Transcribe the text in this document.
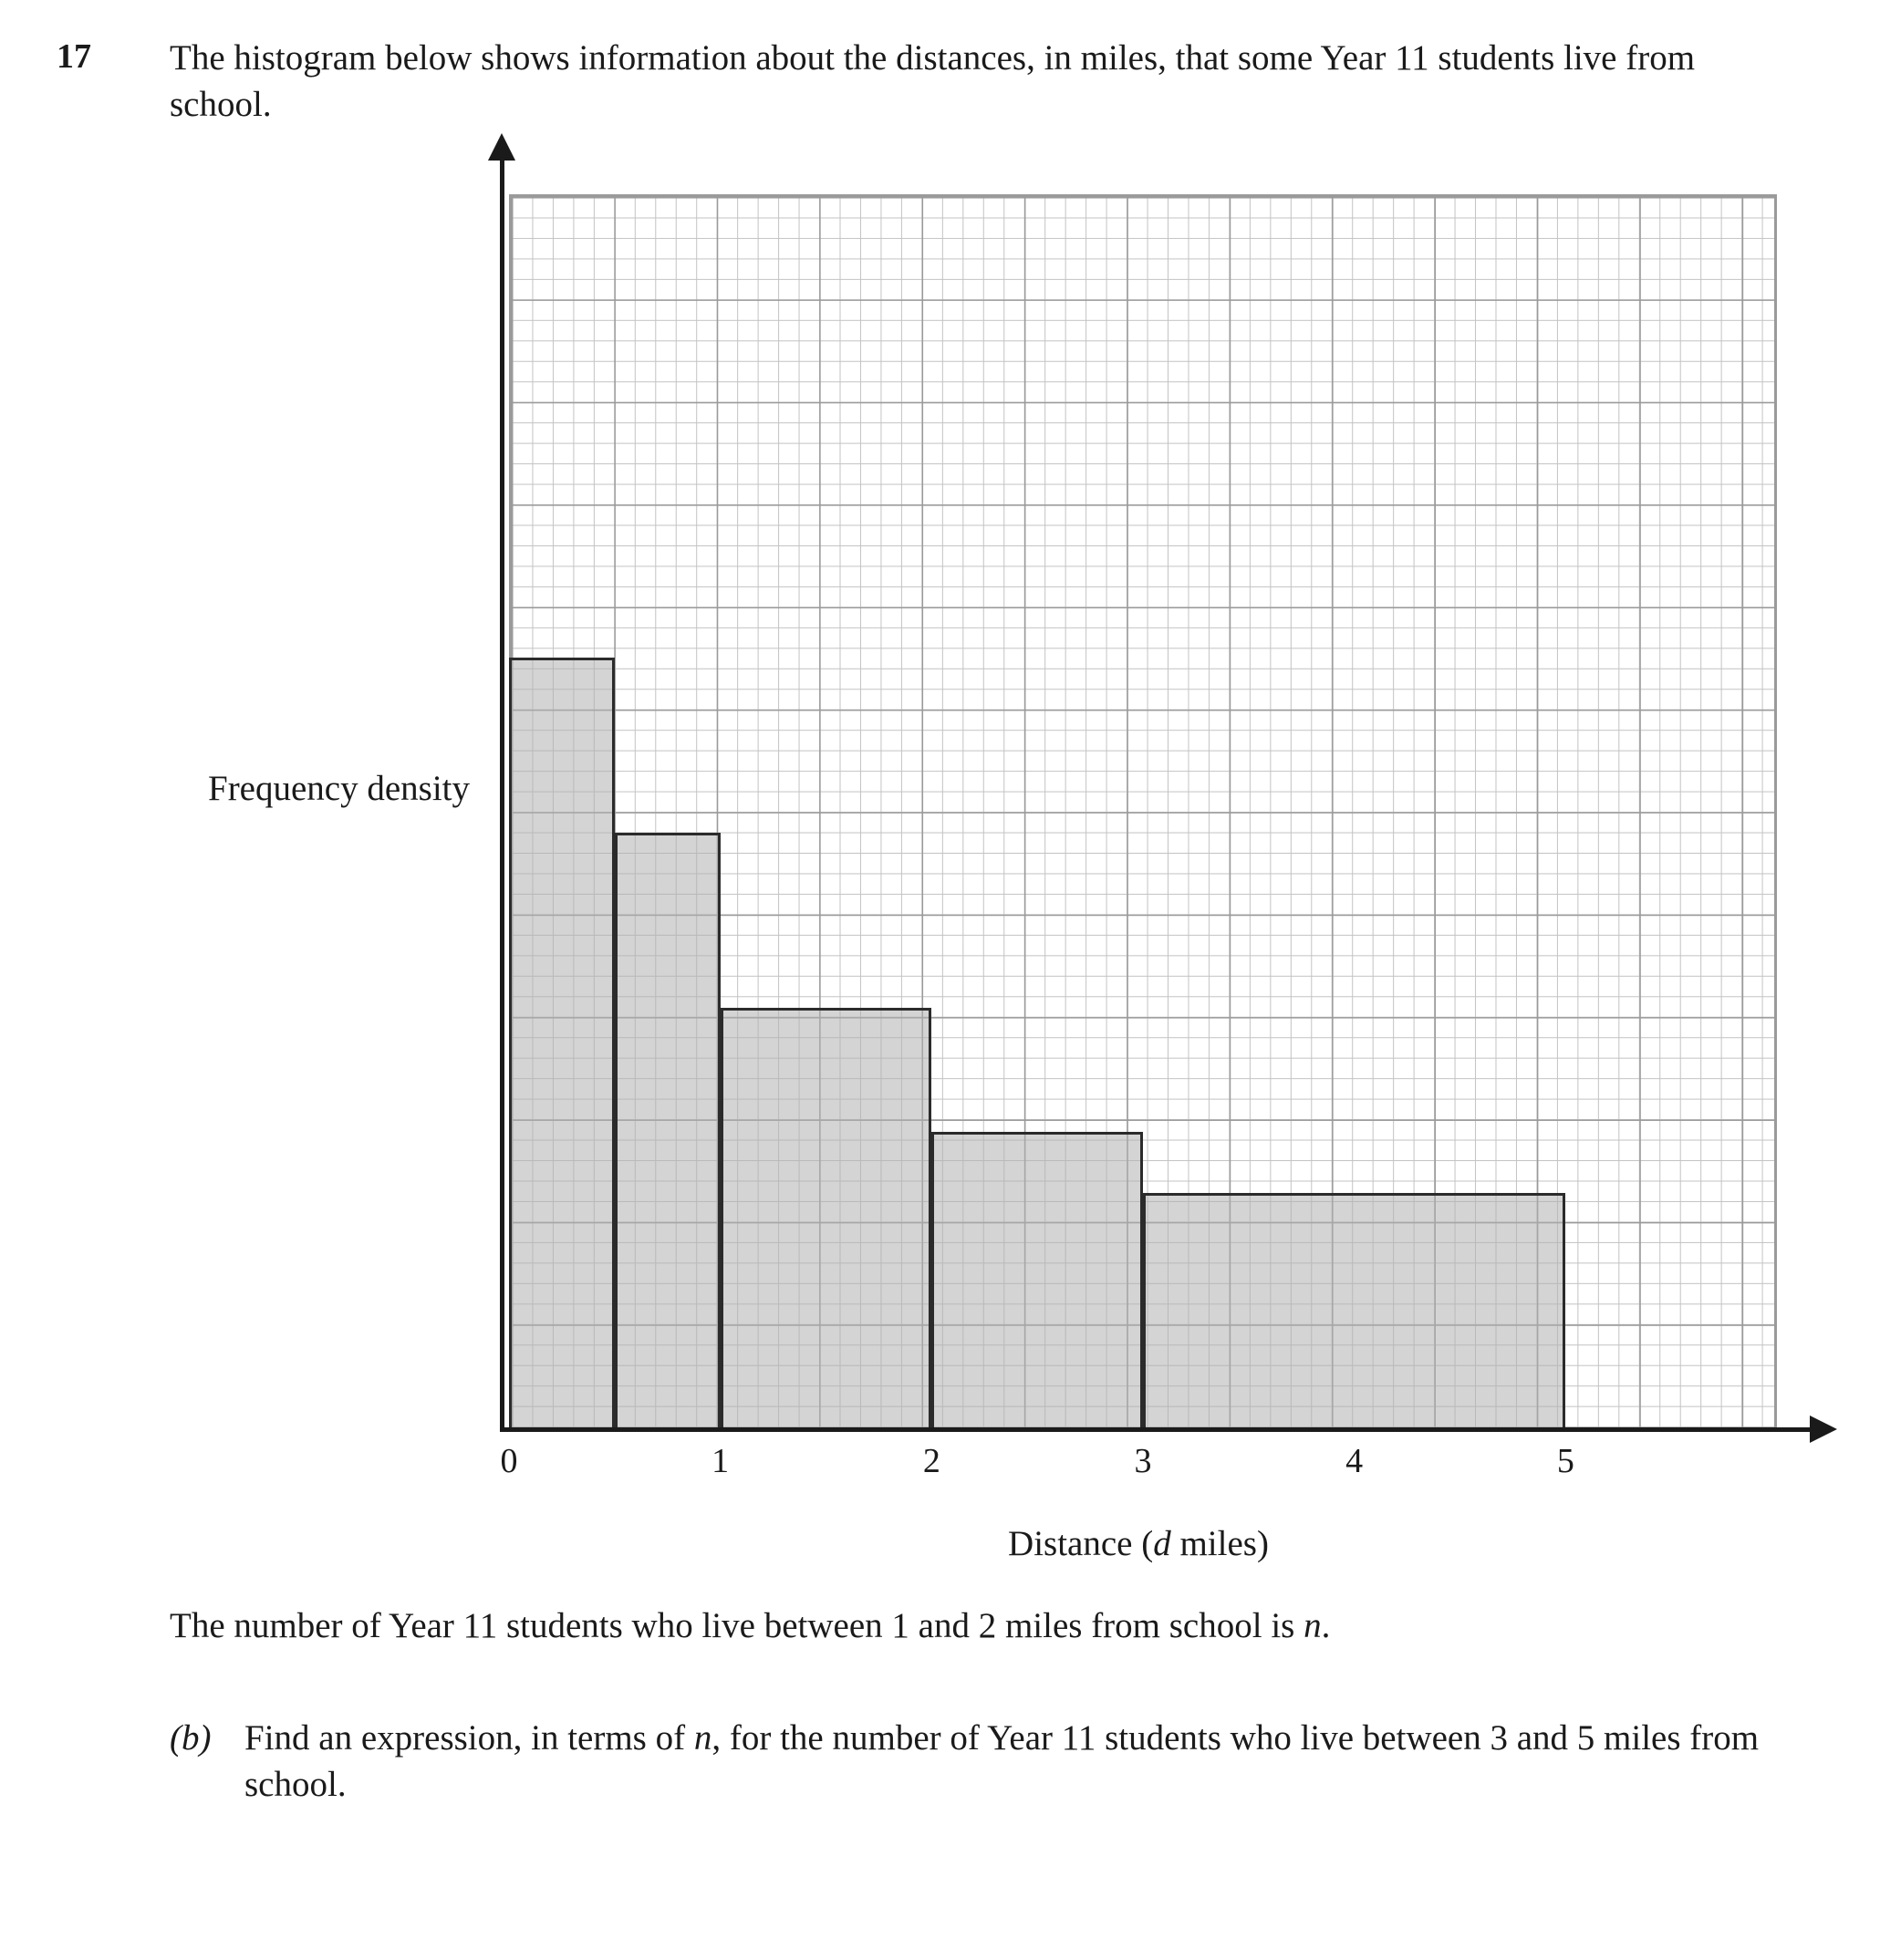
17 The histogram below shows information about the distances, in miles, that some Year 11 students live from school.
Frequency density
0	1	2	3	4	5
Distance (d miles)
The number of Year 11 students who live between 1 and 2 miles from school is n.
(b) Find an expression, in terms of n, for the number of Year 11 students who live between 3 and 5 miles from school.
